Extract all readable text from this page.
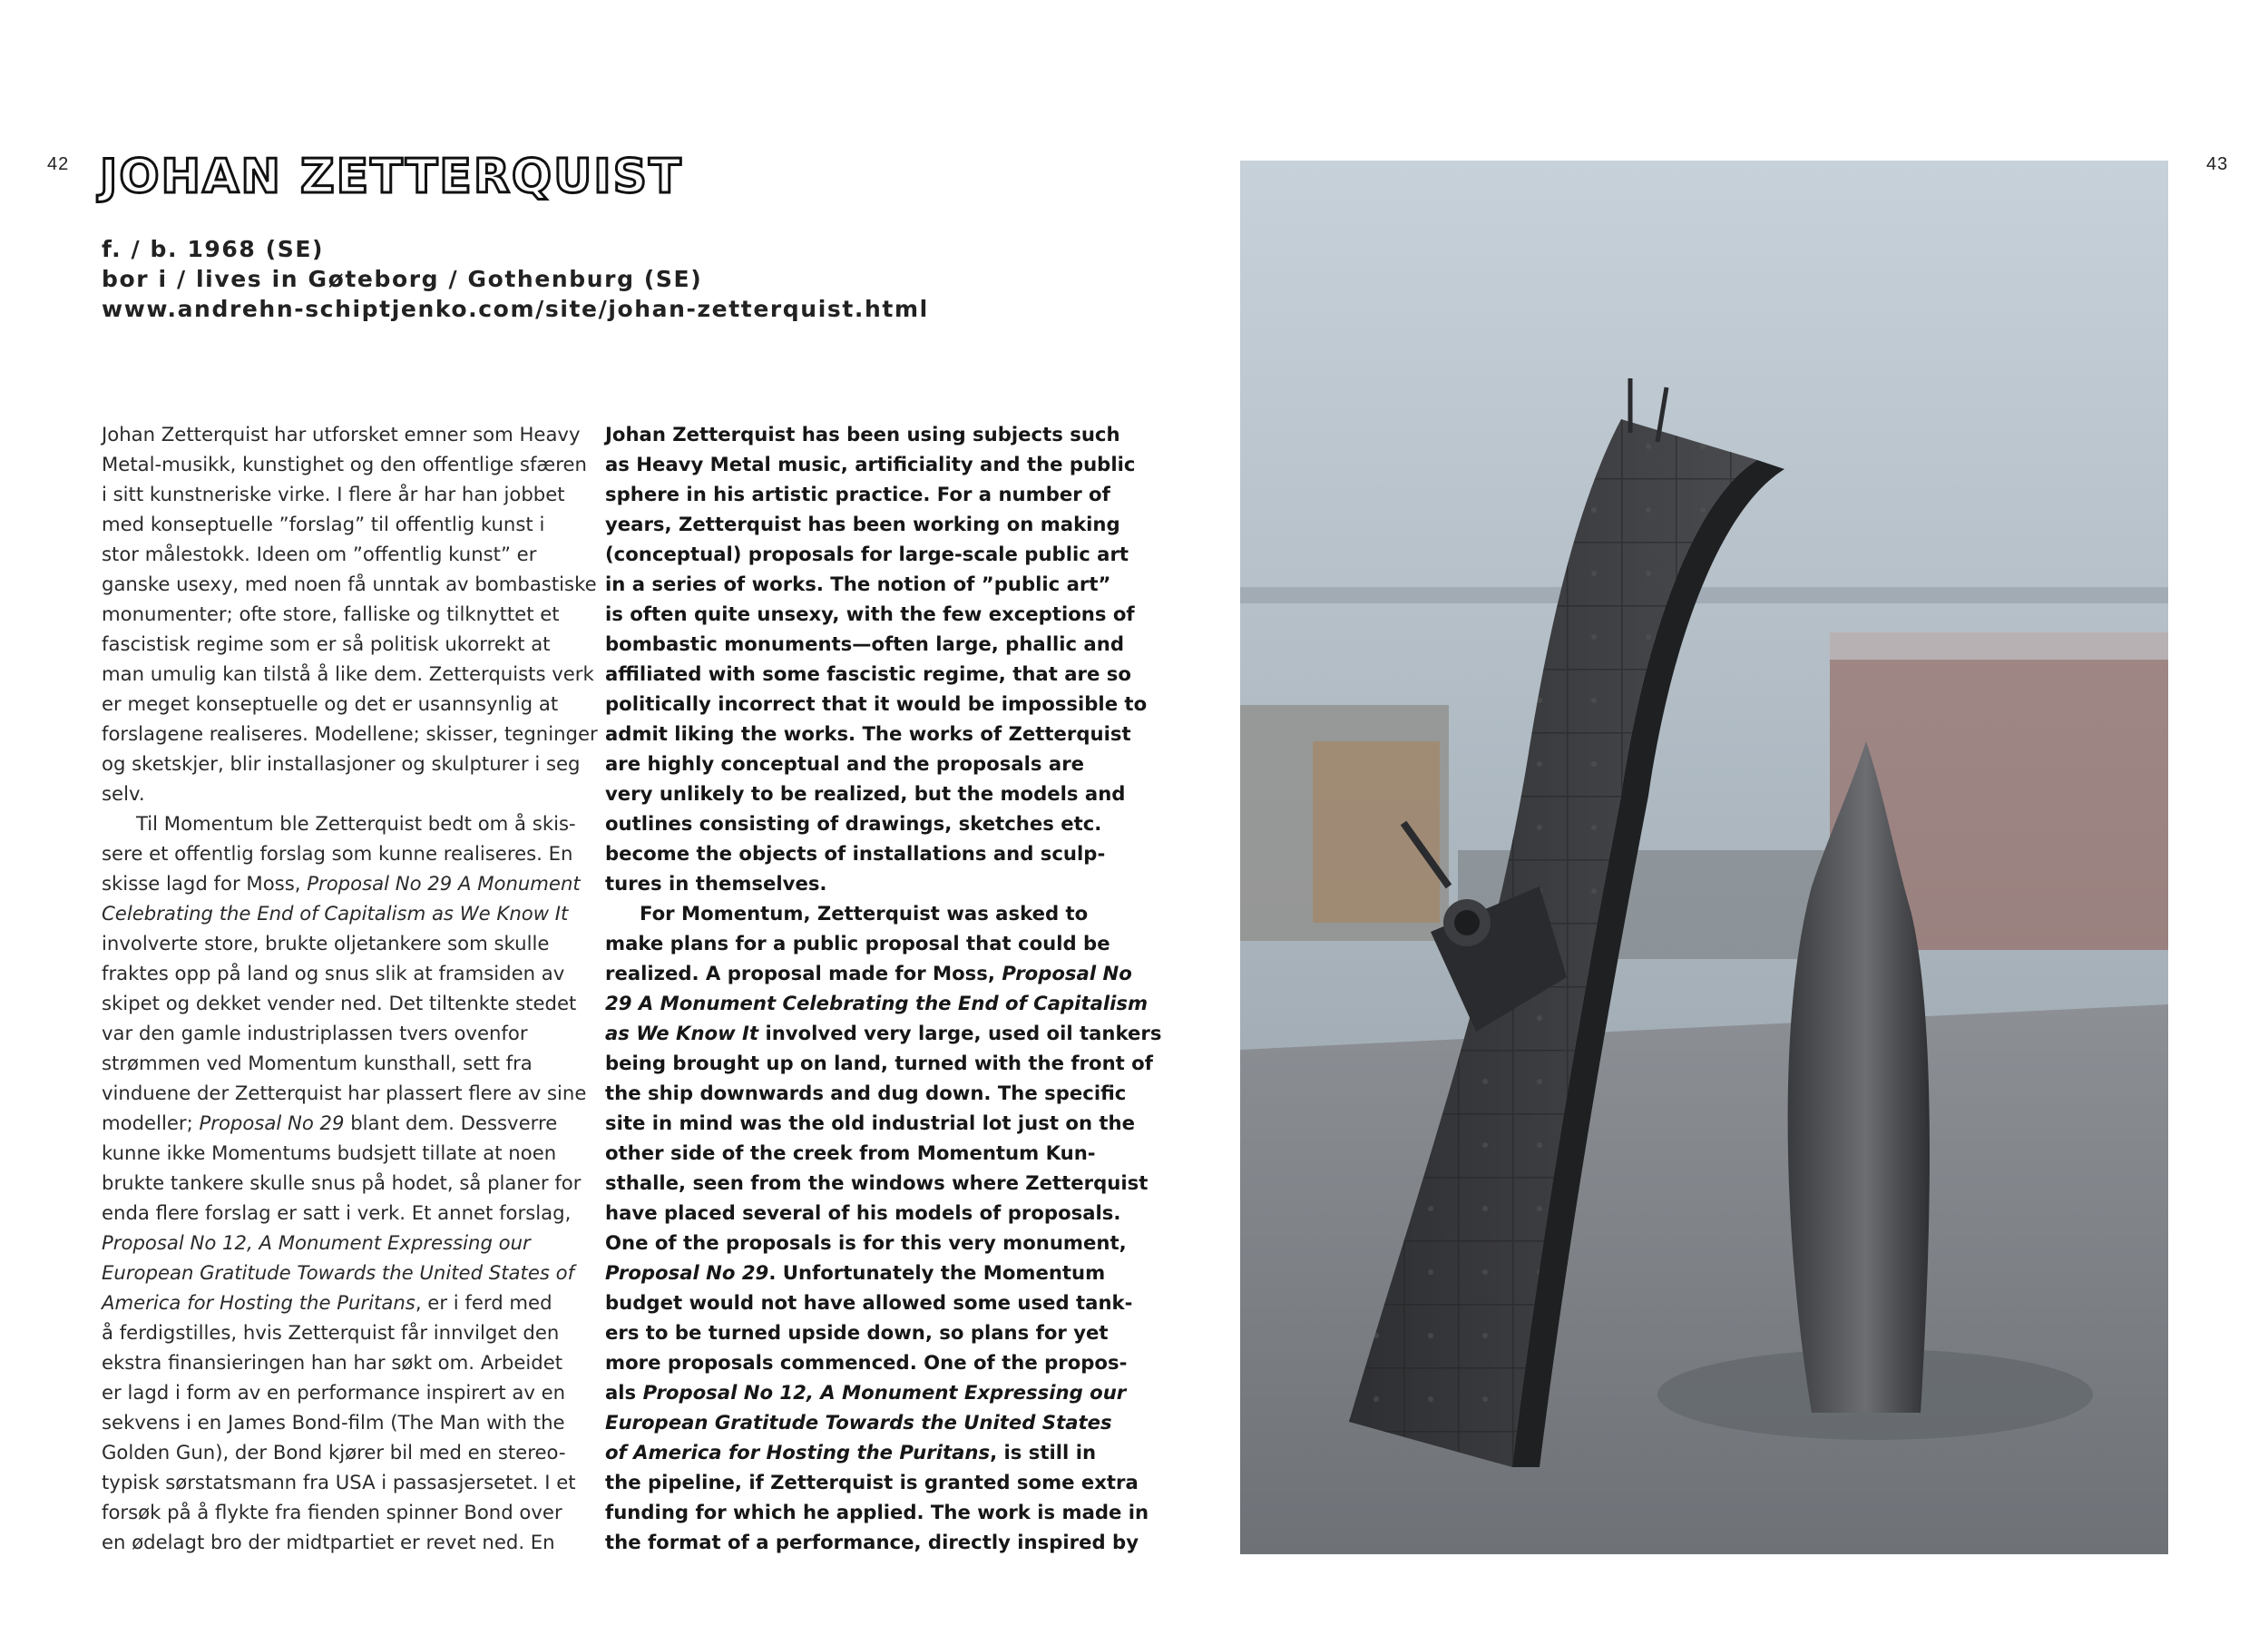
42	43
JOHAN ZETTERQUIST
f. / b. 1968 (SE)
bor i / lives in Gøteborg / Gothenburg (SE)
www.andrehn-schiptjenko.com/site/johan-zetterquist.html
Johan Zetterquist har utforsket emner som Heavy
Metal-musikk, kunstighet og den offentlige sfæren
i sitt kunstneriske virke. I flere år har han jobbet
med konseptuelle ”forslag” til offentlig kunst i
stor målestokk. Ideen om ”offentlig kunst” er
ganske usexy, med noen få unntak av bombastiske
monumenter; ofte store, falliske og tilknyttet et
fascistisk regime som er så politisk ukorrekt at
man umulig kan tilstå å like dem. Zetterquists verk
er meget konseptuelle og det er usannsynlig at
forslagene realiseres. Modellene; skisser, tegninger
og sketskjer, blir installasjoner og skulpturer i seg
selv.
Til Momentum ble Zetterquist bedt om å skis-
sere et offentlig forslag som kunne realiseres. En
skisse lagd for Moss, Proposal No 29 A Monument
Celebrating the End of Capitalism as We Know It
involverte store, brukte oljetankere som skulle
fraktes opp på land og snus slik at framsiden av
skipet og dekket vender ned. Det tiltenkte stedet
var den gamle industriplassen tvers ovenfor
strømmen ved Momentum kunsthall, sett fra
vinduene der Zetterquist har plassert flere av sine
modeller; Proposal No 29 blant dem. Dessverre
kunne ikke Momentums budsjett tillate at noen
brukte tankere skulle snus på hodet, så planer for
enda flere forslag er satt i verk. Et annet forslag,
Proposal No 12, A Monument Expressing our
European Gratitude Towards the United States of
America for Hosting the Puritans, er i ferd med
å ferdigstilles, hvis Zetterquist får innvilget den
ekstra finansieringen han har søkt om. Arbeidet
er lagd i form av en performance inspirert av en
sekvens i en James Bond-film (The Man with the
Golden Gun), der Bond kjører bil med en stereo-
typisk sørstatsmann fra USA i passasjersetet. I et
forsøk på å flykte fra fienden spinner Bond over
en ødelagt bro der midtpartiet er revet ned. En
Johan Zetterquist has been using subjects such
as Heavy Metal music, artificiality and the public
sphere in his artistic practice. For a number of
years, Zetterquist has been working on making
(conceptual) proposals for large-scale public art
in a series of works. The notion of ”public art”
is often quite unsexy, with the few exceptions of
bombastic monuments—often large, phallic and
affiliated with some fascistic regime, that are so
politically incorrect that it would be impossible to
admit liking the works. The works of Zetterquist
are highly conceptual and the proposals are
very unlikely to be realized, but the models and
outlines consisting of drawings, sketches etc.
become the objects of installations and sculp-
tures in themselves.
For Momentum, Zetterquist was asked to
make plans for a public proposal that could be
realized. A proposal made for Moss, Proposal No
29 A Monument Celebrating the End of Capitalism
as We Know It involved very large, used oil tankers
being brought up on land, turned with the front of
the ship downwards and dug down. The specific
site in mind was the old industrial lot just on the
other side of the creek from Momentum Kun-
sthalle, seen from the windows where Zetterquist
have placed several of his models of proposals.
One of the proposals is for this very monument,
Proposal No 29. Unfortunately the Momentum
budget would not have allowed some used tank-
ers to be turned upside down, so plans for yet
more proposals commenced. One of the propos-
als Proposal No 12, A Monument Expressing our
European Gratitude Towards the United States
of America for Hosting the Puritans, is still in
the pipeline, if Zetterquist is granted some extra
funding for which he applied. The work is made in
the format of a performance, directly inspired by
